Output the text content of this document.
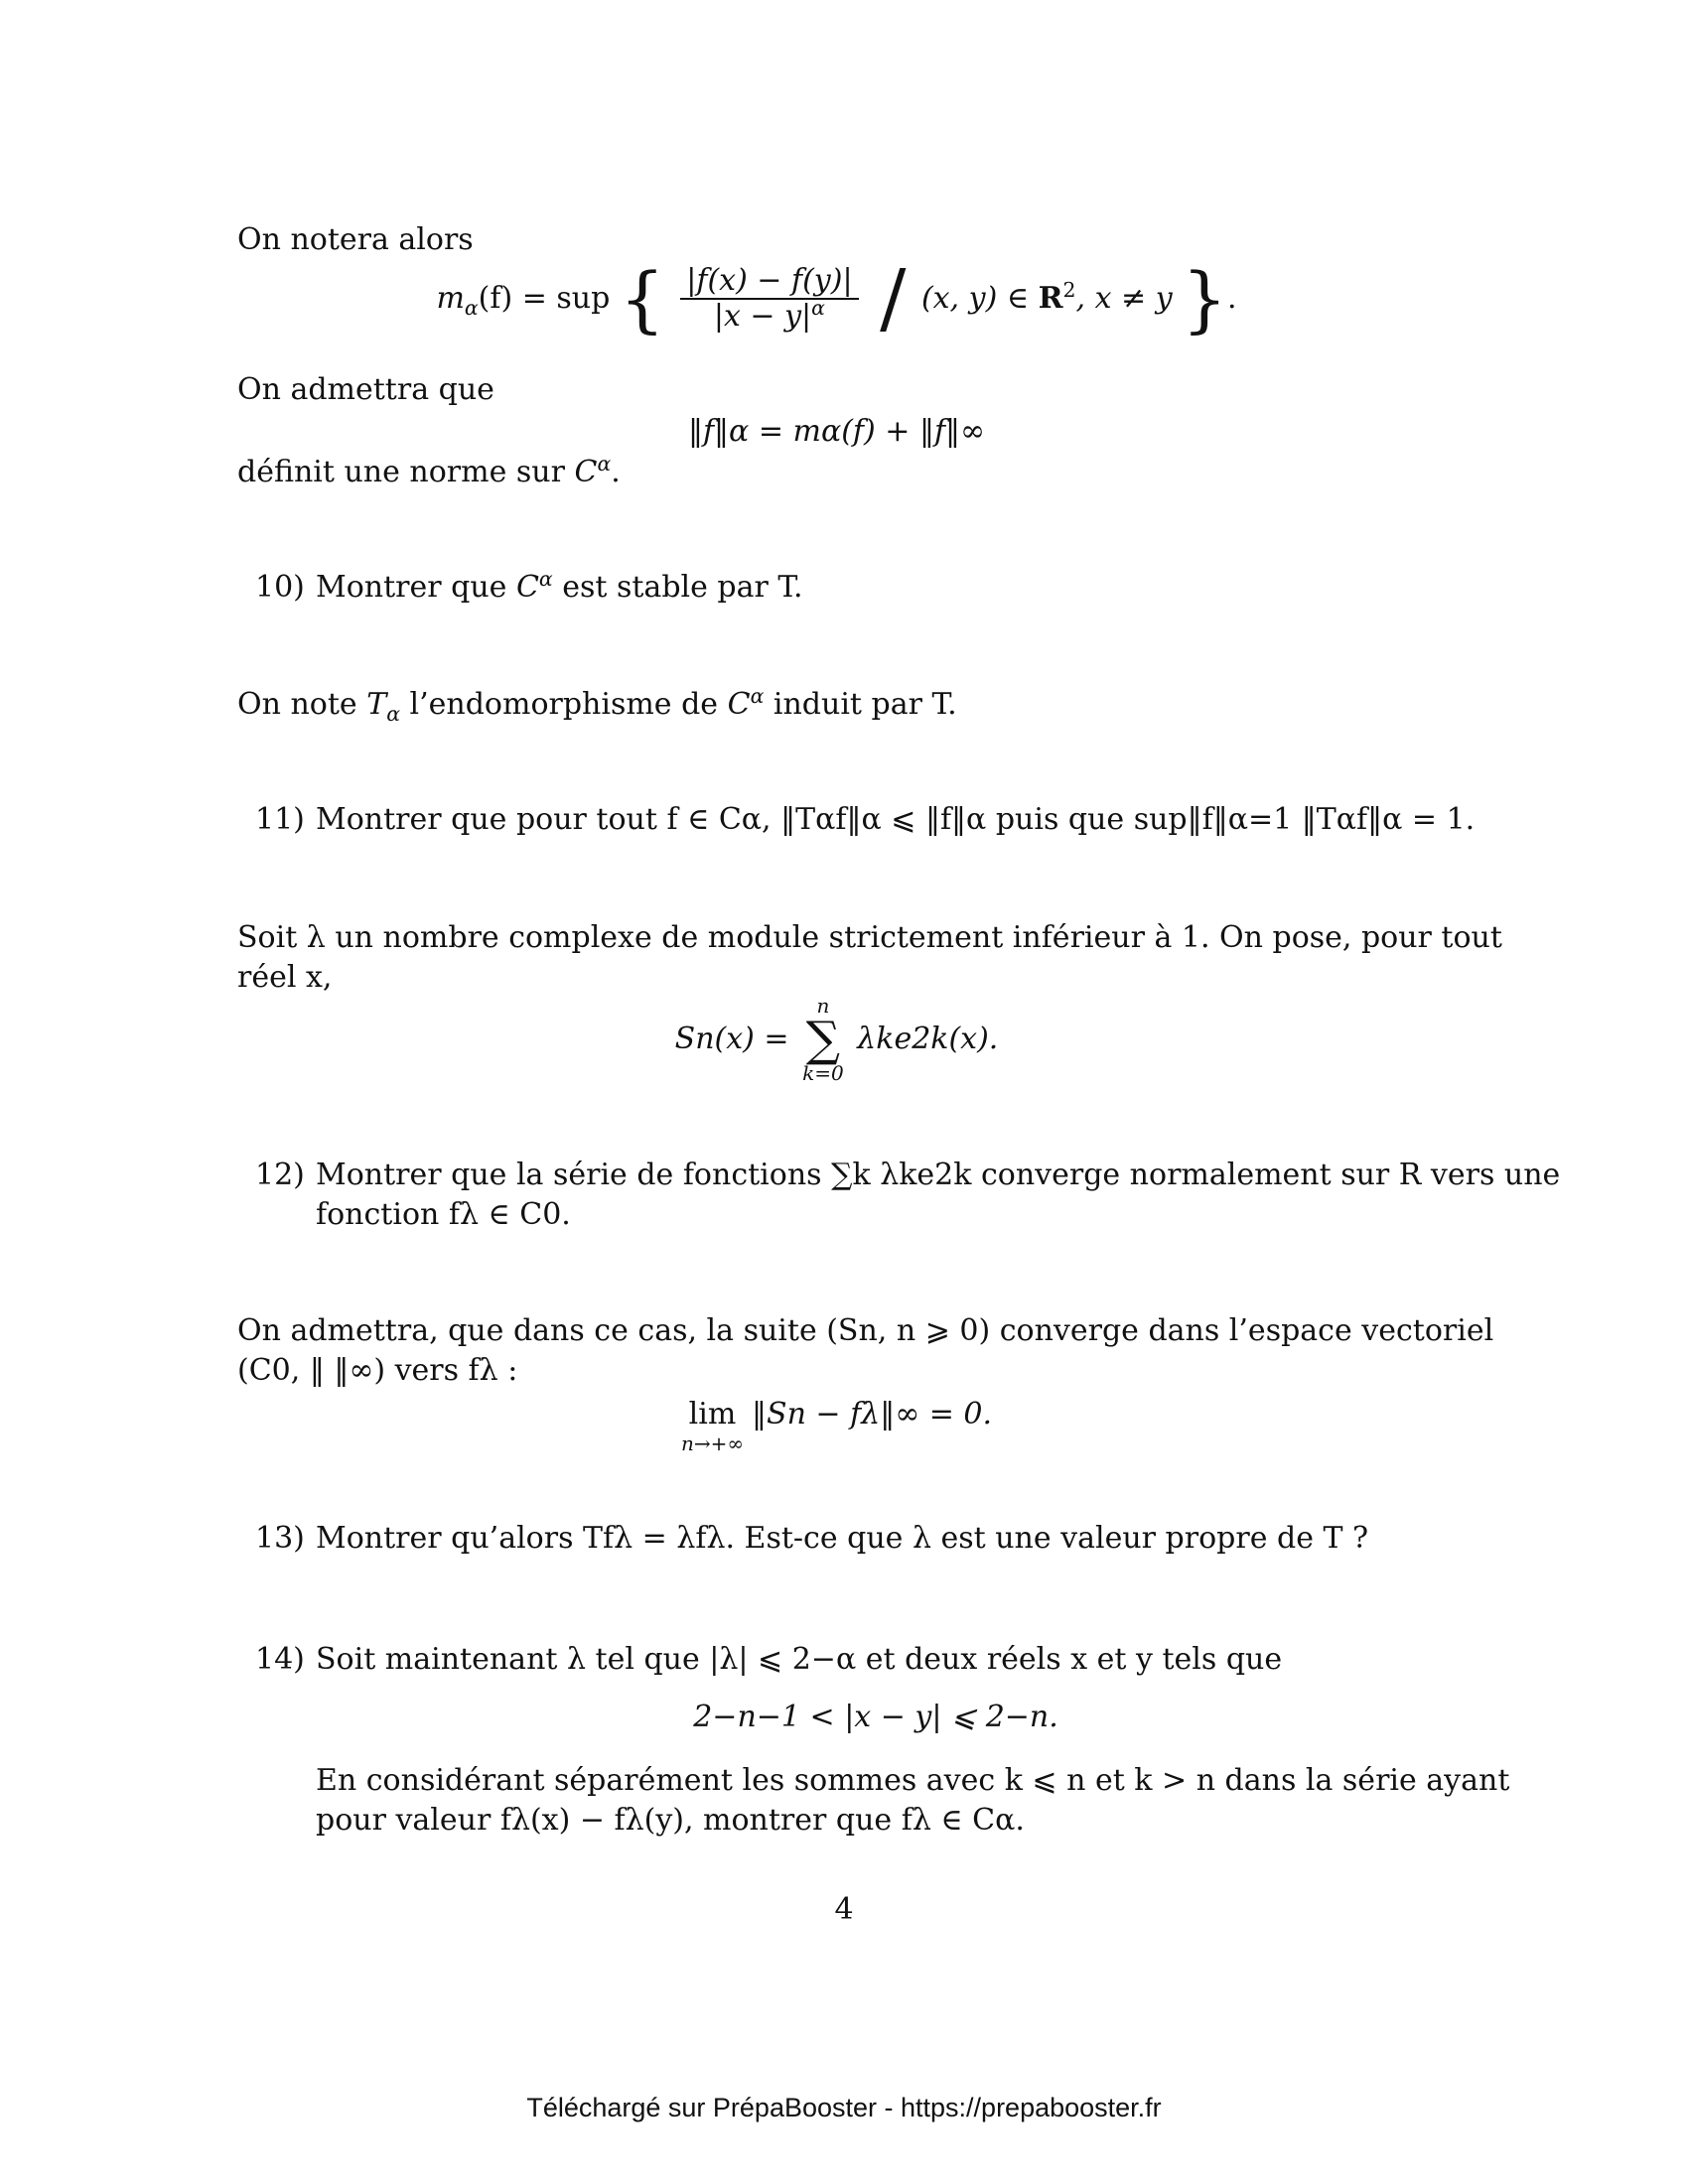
On notera alors
$m_\alpha(f)$ = sup { $\frac{|f(x) - f(y)|}{|x - y|^\alpha} / (x$, y) ∈ $R^2$, x ≠ y }.
On admettra que
‖f‖α = mα(f) + ‖f‖∞
définit une norme sur $C^\alpha$.
10) Montrer que $C^\alpha$ est stable par T.
On note $T_\alpha$ l’endomorphisme de $C^\alpha$ induit par T.
11) Montrer que pour tout f ∈ Cα, ‖Tαf‖α ⩽ ‖f‖α puis que sup‖f‖α=1 ‖Tαf‖α = 1.
Soit λ un nombre complexe de module strictement inférieur à 1. On pose, pour tout
réel x,
Sn(x) =
n
∑
k=0
λke2k(x).
12) Montrer que la série de fonctions ∑k λke2k converge normalement sur R vers une
fonction fλ ∈ C0.
On admettra, que dans ce cas, la suite (Sn, n ⩾ 0) converge dans l’espace vectoriel
(C0, ‖ ‖∞) vers fλ :
lim
n→+∞
‖Sn − fλ‖∞ = 0.
13) Montrer qu’alors Tfλ = λfλ. Est-ce que λ est une valeur propre de T ?
14) Soit maintenant λ tel que |λ| ⩽ 2−α et deux réels x et y tels que
2−n−1 < |x − y| ⩽ 2−n.
En considérant séparément les sommes avec k ⩽ n et k > n dans la série ayant
pour valeur fλ(x) − fλ(y), montrer que fλ ∈ Cα.
4
Téléchargé sur PrépaBooster - https://prepabooster.fr
